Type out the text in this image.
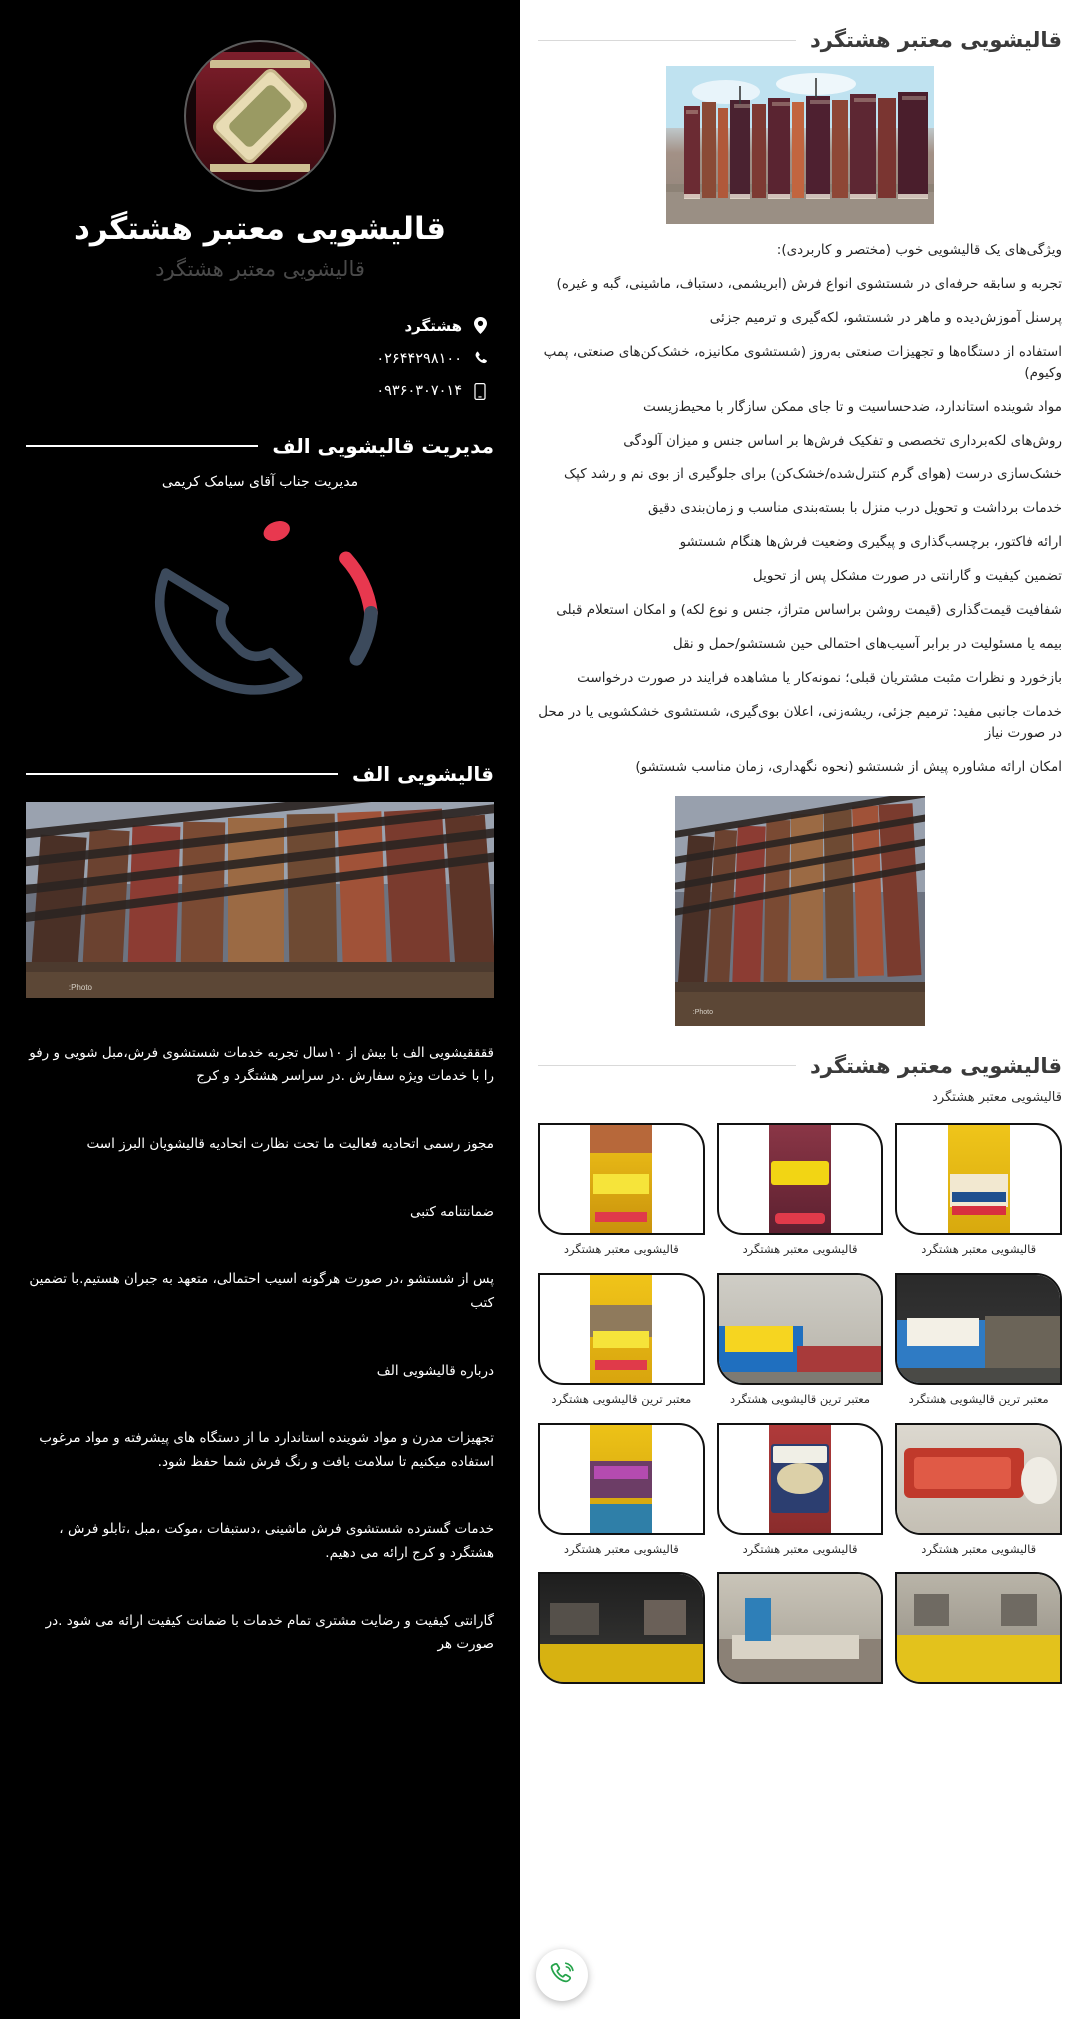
قالیشویی معتبر هشتگرد

ویژگی‌های یک قالیشویی خوب (مختصر و کاربردی):

تجربه و سابقه حرفه‌ای در شستشوی انواع فرش (ابریشمی، دستباف، ماشینی، گبه و غیره)

پرسنل آموزش‌دیده و ماهر در شستشو، لکه‌گیری و ترمیم جزئی

استفاده از دستگاه‌ها و تجهیزات صنعتی به‌روز (شستشوی مکانیزه، خشک‌کن‌های صنعتی، پمپ وکیوم)

مواد شوینده استاندارد، ضدحساسیت و تا جای ممکن سازگار با محیط‌زیست

روش‌های لکه‌برداری تخصصی و تفکیک فرش‌ها بر اساس جنس و میزان آلودگی

خشک‌سازی درست (هوای گرم کنترل‌شده/خشک‌کن) برای جلوگیری از بوی نم و رشد کپک

خدمات برداشت و تحویل درب منزل با بسته‌بندی مناسب و زمان‌بندی دقیق

ارائه فاکتور، برچسب‌گذاری و پیگیری وضعیت فرش‌ها هنگام شستشو

تضمین کیفیت و گارانتی در صورت مشکل پس از تحویل

شفافیت قیمت‌گذاری (قیمت روشن براساس متراژ، جنس و نوع لکه) و امکان استعلام قبلی

بیمه یا مسئولیت در برابر آسیب‌های احتمالی حین شستشو/حمل و نقل

بازخورد و نظرات مثبت مشتریان قبلی؛ نمونه‌کار یا مشاهده فرایند در صورت درخواست

خدمات جانبی مفید: ترمیم جزئی، ریشه‌زنی، اعلان بوی‌گیری، شستشوی خشکشویی یا در محل در صورت نیاز

امکان ارائه مشاوره پیش از شستشو (نحوه نگهداری، زمان مناسب شستشو)

Photo:
قالیشویی معتبر هشتگرد
قالیشویی معتبر هشتگرد
قالیشویی معتبر هشتگرد
قالیشویی معتبر هشتگرد
قالیشویی معتبر هشتگرد
معتبر ترین قالیشویی هشتگرد
معتبر ترین قالیشویی هشتگرد
معتبر ترین قالیشویی هشتگرد
قالیشویی معتبر هشتگرد
قالیشویی معتبر هشتگرد
قالیشویی معتبر هشتگرد
قالیشویی معتبر هشتگرد
قالیشویی معتبر هشتگرد
هشتگرد
۰۲۶۴۴۲۹۸۱۰۰
۰۹۳۶۰۳۰۷۰۱۴
مدیریت قالیشویی الف
مدیریت جناب آقای سیامک کریمی
قالیشویی الف
Photo:
ققققیشویی الف با بیش از ۱۰سال تجربه خدمات شستشوی فرش،مبل شویی و رفو را با خدمات ویژه سفارش .در سراسر هشتگرد و کرج
مجوز رسمی اتحادیه فعالیت ما تحت نظارت اتحادیه قالیشویان البرز است
ضمانتنامه کتبی
پس از شستشو ،در صورت هرگونه اسیب احتمالی، متعهد به جبران هستیم.با تضمین کتب
درباره قالیشویی الف
تجهیزات مدرن و مواد شوینده استاندارد ما از دستگاه های پیشرفته و مواد مرغوب استفاده میکنیم تا سلامت بافت و رنگ فرش شما حفظ شود.
خدمات گسترده شستشوی فرش ماشینی ،دستبفات ،موکت ،مبل ،تابلو فرش ، هشتگرد و کرج ارائه می دهیم.
گارانتی کیفیت و رضایت مشتری تمام خدمات با ضمانت کیفیت ارائه می شود .در صورت هر
